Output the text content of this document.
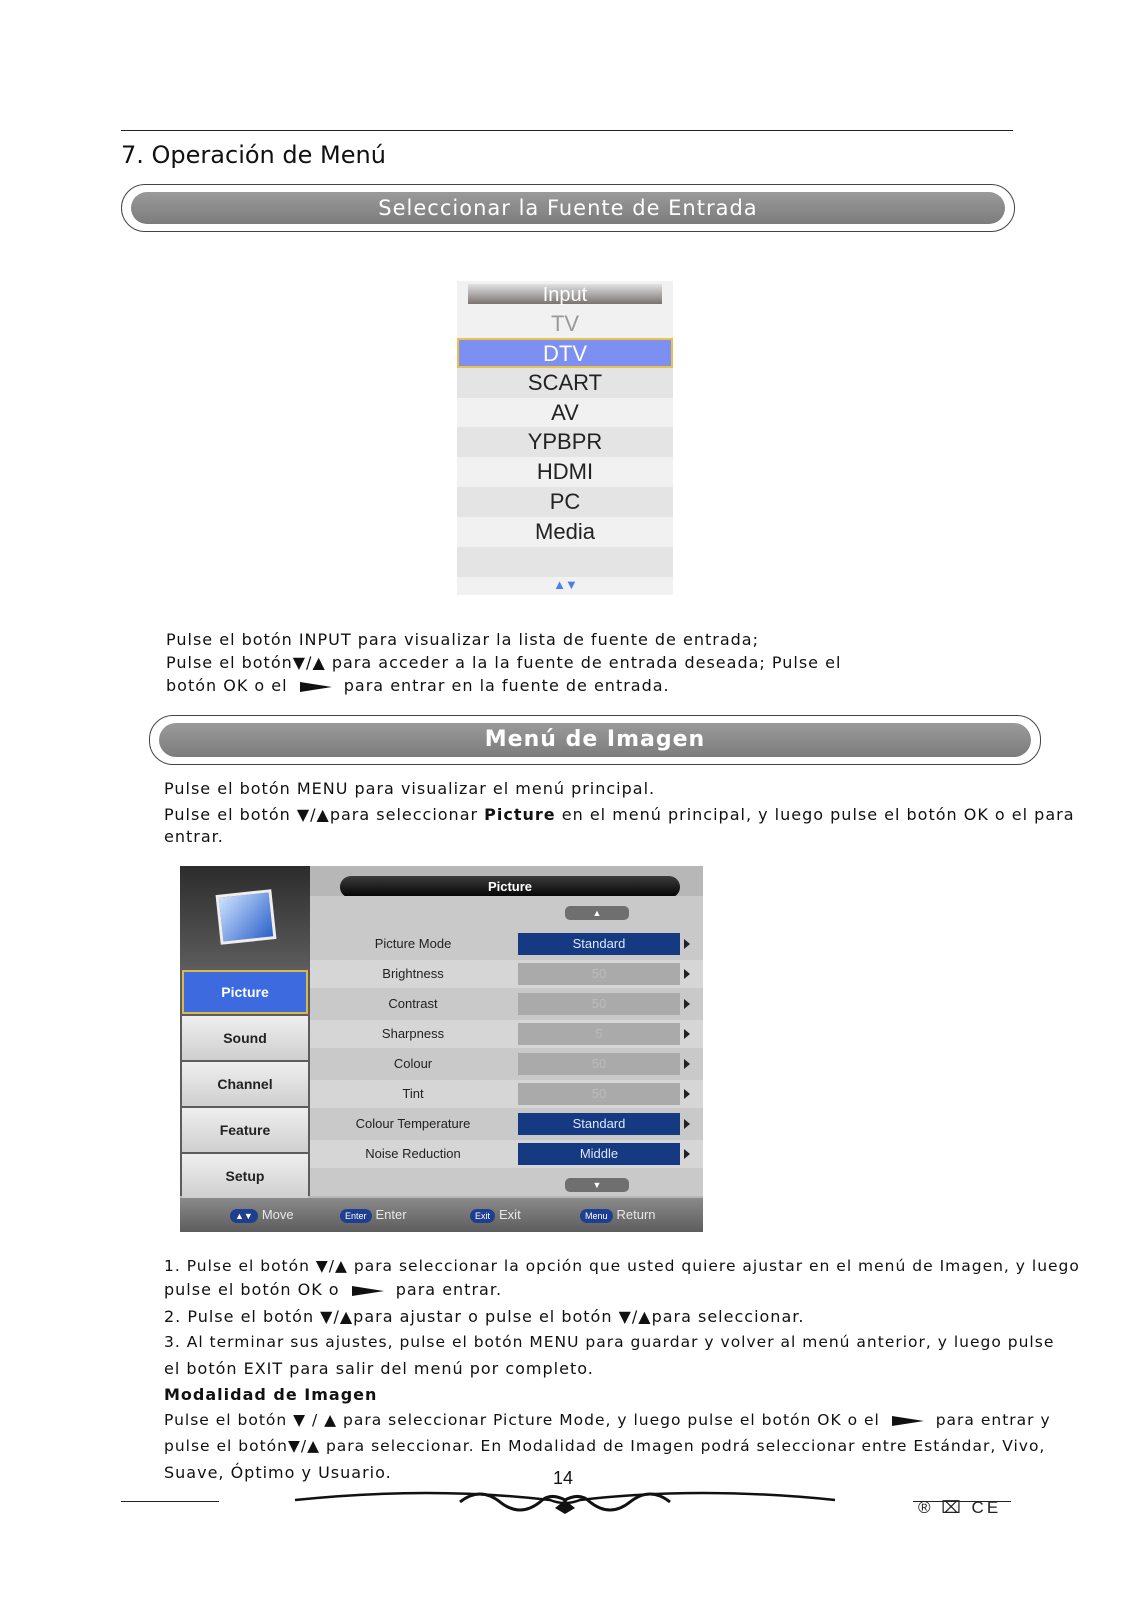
7. Operación de Menú
Seleccionar la Fuente de Entrada
Input
TV
DTV
SCART
AV
YPBPR
HDMI
PC
Media
▲▼
Pulse el botón INPUT para visualizar la lista de fuente de entrada;
Pulse el botón▼/▲ para acceder a la la fuente de entrada deseada; Pulse el
botón OK o el	para entrar en la fuente de entrada.
Menú de Imagen
Pulse el botón MENU para visualizar el menú principal.
Pulse el botón ▼/▲para seleccionar Picture en el menú principal, y luego pulse el botón OK o el para
entrar.
Picture
Sound
Channel
Feature
Setup
Picture
▲
Picture Mode	Standard
Brightness	50
Contrast	50
Sharpness	5
Colour	50
Tint	50
Colour Temperature	Standard
Noise Reduction	Middle
▼
▲▼ Move	Enter Enter	Exit Exit	Menu Return
1. Pulse el botón ▼/▲ para seleccionar la opción que usted quiere ajustar en el menú de Imagen, y luego
pulse el botón OK o	para entrar.
2. Pulse el botón ▼/▲para ajustar o pulse el botón ▼/▲para seleccionar.
3. Al terminar sus ajustes, pulse el botón MENU para guardar y volver al menú anterior, y luego pulse
el botón EXIT para salir del menú por completo.
Modalidad de Imagen
Pulse el botón ▼ / ▲ para seleccionar Picture Mode, y luego pulse el botón OK o el	para entrar y
pulse el botón▼/▲ para seleccionar. En Modalidad de Imagen podrá seleccionar entre Estándar, Vivo,
Suave, Óptimo y Usuario.	14
® ⌧ CE
